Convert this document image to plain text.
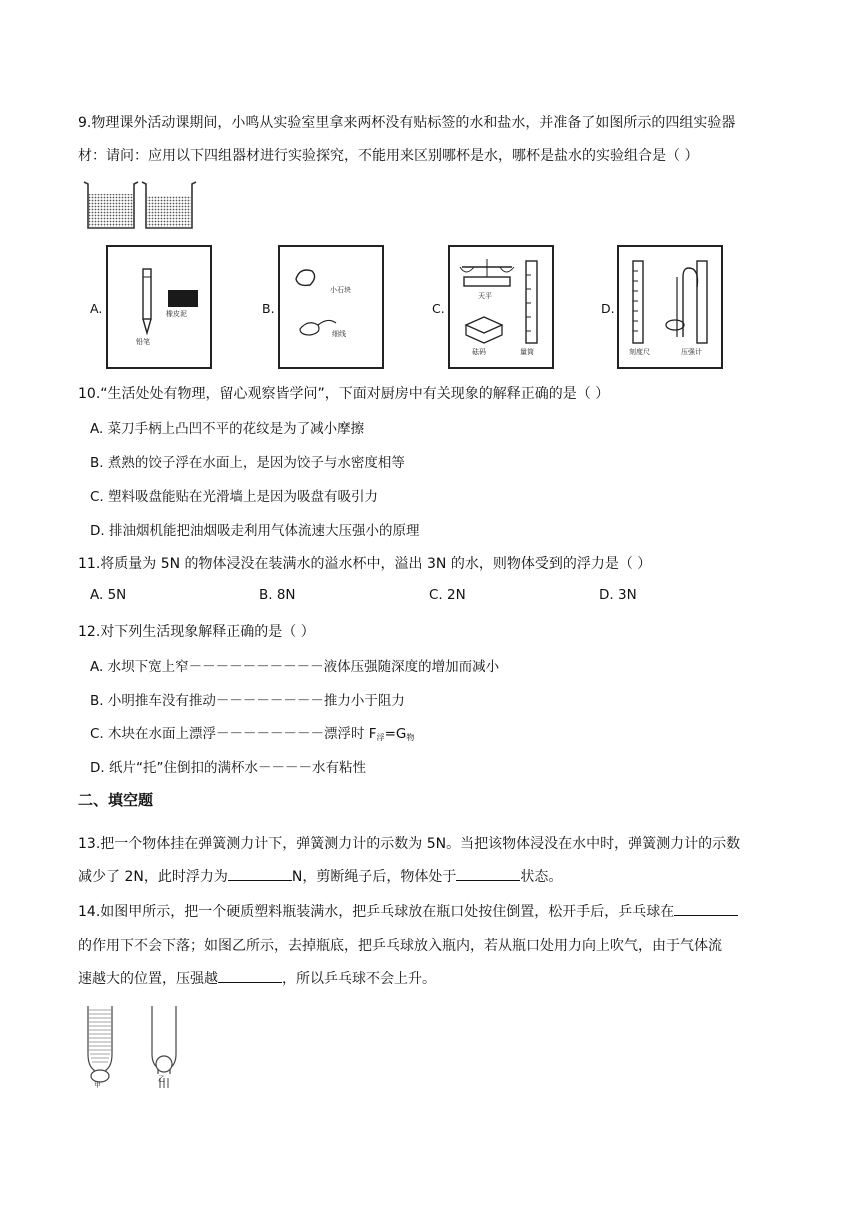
9.物理课外活动课期间，小鸣从实验室里拿来两杯没有贴标签的水和盐水，并准备了如图所示的四组实验器
材：请问：应用以下四组器材进行实验探究，不能用来区别哪杯是水，哪杯是盐水的实验组合是（ ）
A.	橡皮泥
铅笔
B.
小石块
细线
C.
天平
砝码	量筒
D.
刻度尺	压强计
10.“生活处处有物理，留心观察皆学问”，下面对厨房中有关现象的解释正确的是（ ）
A. 菜刀手柄上凸凹不平的花纹是为了减小摩擦
B. 煮熟的饺子浮在水面上，是因为饺子与水密度相等
C. 塑料吸盘能贴在光滑墙上是因为吸盘有吸引力
D. 排油烟机能把油烟吸走利用气体流速大压强小的原理
11.将质量为 5N 的物体浸没在装满水的溢水杯中，溢出 3N 的水，则物体受到的浮力是（ ）
A. 5N	B. 8N	C. 2N	D. 3N
12.对下列生活现象解释正确的是（ ）
A. 水坝下宽上窄－－－－－－－－－－液体压强随深度的增加而减小
B. 小明推车没有推动－－－－－－－－推力小于阻力
C. 木块在水面上漂浮－－－－－－－－漂浮时 $F_浮=G_物$
D. 纸片“托”住倒扣的满杯水－－－－水有粘性
二、填空题
13.把一个物体挂在弹簧测力计下，弹簧测力计的示数为 5N。当把该物体浸没在水中时，弹簧测力计的示数
减少了 2N，此时浮力为	N，剪断绳子后，物体处于	状态。
14.如图甲所示，把一个硬质塑料瓶装满水，把乒乓球放在瓶口处按住倒置，松开手后，乒乓球在
的作用下不会下落；如图乙所示，去掉瓶底，把乒乓球放入瓶内，若从瓶口处用力向上吹气，由于气体流
速越大的位置，压强越	，所以乒乓球不会上升。
甲
乙
